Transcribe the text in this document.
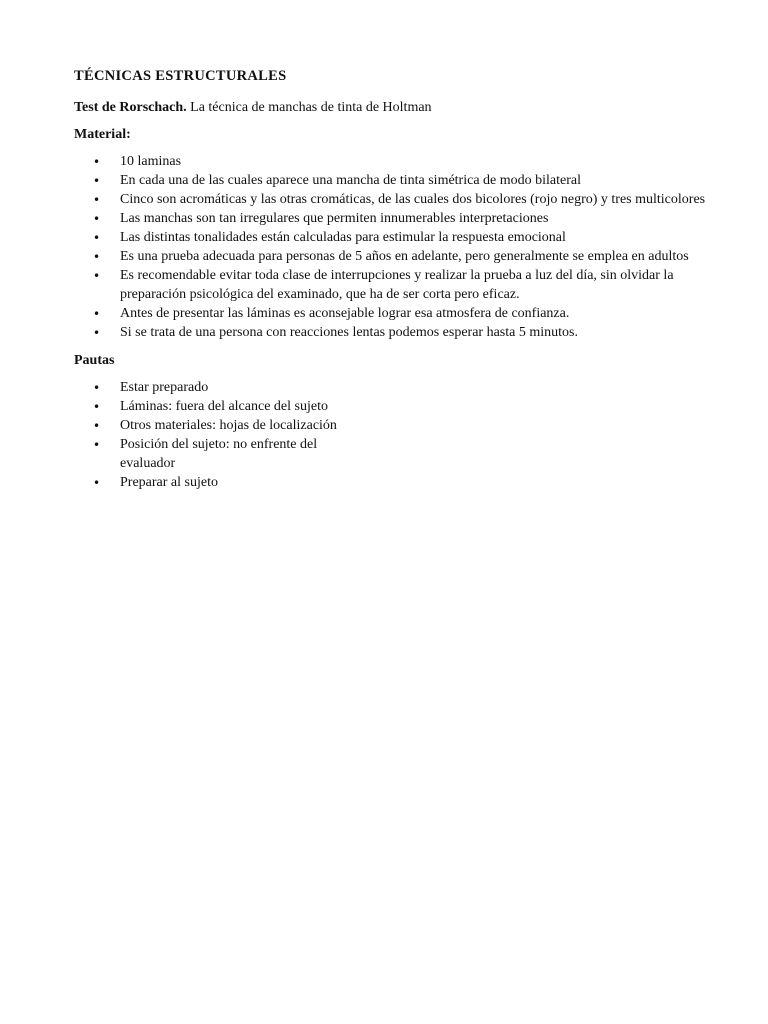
TÉCNICAS ESTRUCTURALES

Test de Rorschach. La técnica de manchas de tinta de Holtman

Material:
• 10 laminas
• En cada una de las cuales aparece una mancha de tinta simétrica de modo bilateral
• Cinco son acromáticas y las otras cromáticas, de las cuales dos bicolores (rojo negro) y tres multicolores
• Las manchas son tan irregulares que permiten innumerables interpretaciones
• Las distintas tonalidades están calculadas para estimular la respuesta emocional
• Es una prueba adecuada para personas de 5 años en adelante, pero generalmente se emplea en adultos
• Es recomendable evitar toda clase de interrupciones y realizar la prueba a luz del día, sin olvidar la preparación psicológica del examinado, que ha de ser corta pero eficaz.
• Antes de presentar las láminas es aconsejable lograr esa atmosfera de confianza.
• Si se trata de una persona con reacciones lentas podemos esperar hasta 5 minutos.
Pautas
• Estar preparado
• Láminas: fuera del alcance del sujeto
• Otros materiales: hojas de localización
• Posición del sujeto: no enfrente del evaluador
• Preparar al sujeto
